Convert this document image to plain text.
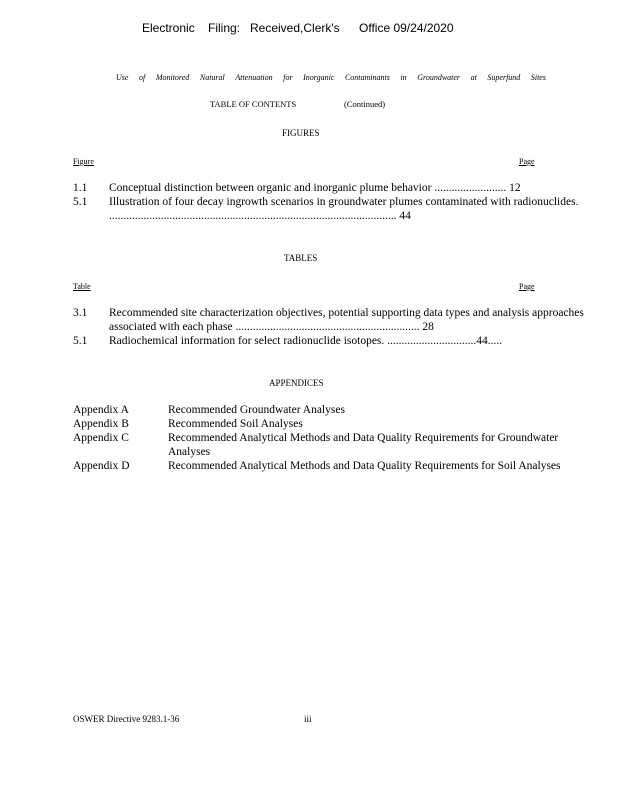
Electronic Filing: Received,Clerk's Office 09/24/2020
Use of Monitored Natural Attenuation for Inorganic Contaminants in Groundwater at Superfund Sites
TABLE OF CONTENTS	(Continued)
FIGURES
Figure	Page
1.1	Conceptual distinction between organic and inorganic plume behavior ......................... 12
5.1	Illustration of four decay ingrowth scenarios in groundwater plumes contaminated with radionuclides. .................................................................................................... 44
TABLES
Table	Page
3.1	Recommended site characterization objectives, potential supporting data types and analysis approaches associated with each phase ................................................................ 28
5.1	Radiochemical information for select radionuclide isotopes. ...............................44.....
APPENDICES
Appendix A	Recommended Groundwater Analyses
Appendix B	Recommended Soil Analyses
Appendix C	Recommended Analytical Methods and Data Quality Requirements for Groundwater Analyses
Appendix D	Recommended Analytical Methods and Data Quality Requirements for Soil Analyses
OSWER Directive 9283.1-36	iii
